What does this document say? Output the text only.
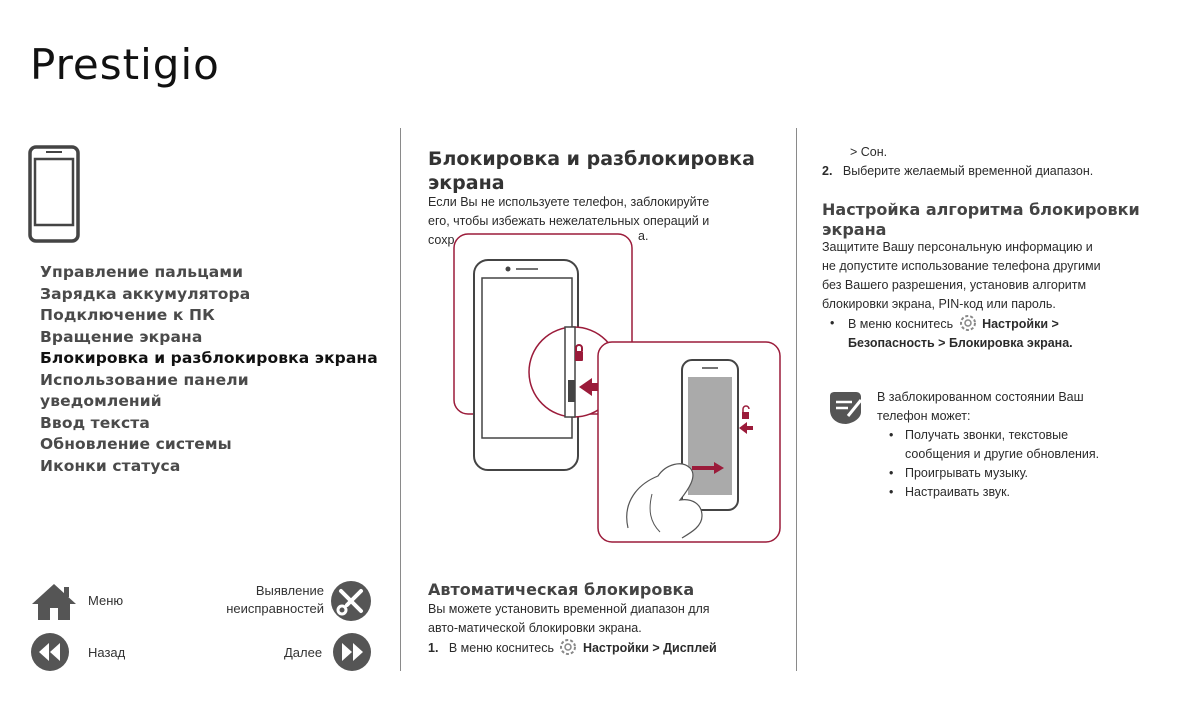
Prestigio
Управление пальцами
Зарядка аккумулятора
Подключение к ПК
Вращение экрана
Блокировка и разблокировка экрана
Использование панели
уведомлений
Ввод текста
Обновление системы
Иконки статуса
Меню
Выявление
неисправностей
Назад	Далее
Блокировка и разблокировка
экрана

Если Вы не используете телефон, заблокируйте
его, чтобы избежать нежелательных операций и
сохр	а.
Автоматическая блокировка

Вы можете установить временной диапазон для
авто-матической блокировки экрана.

1. В меню коснитесь Настройки > Дисплей

> Сон.
2. Выберите желаемый временной диапазон.
Настройка алгоритма блокировки
экрана

Защитите Вашу персональную информацию и
не допустите использование телефона другими
без Вашего разрешения, установив алгоритм
блокировки экрана, PIN-код или пароль.

• В меню коснитесь Настройки >
Безопасность > Блокировка экрана.

В заблокированном состоянии Ваш
телефон может:

• Получать звонки, текстовые
сообщения и другие обновления.

• Проигрывать музыку.

• Настраивать звук.
